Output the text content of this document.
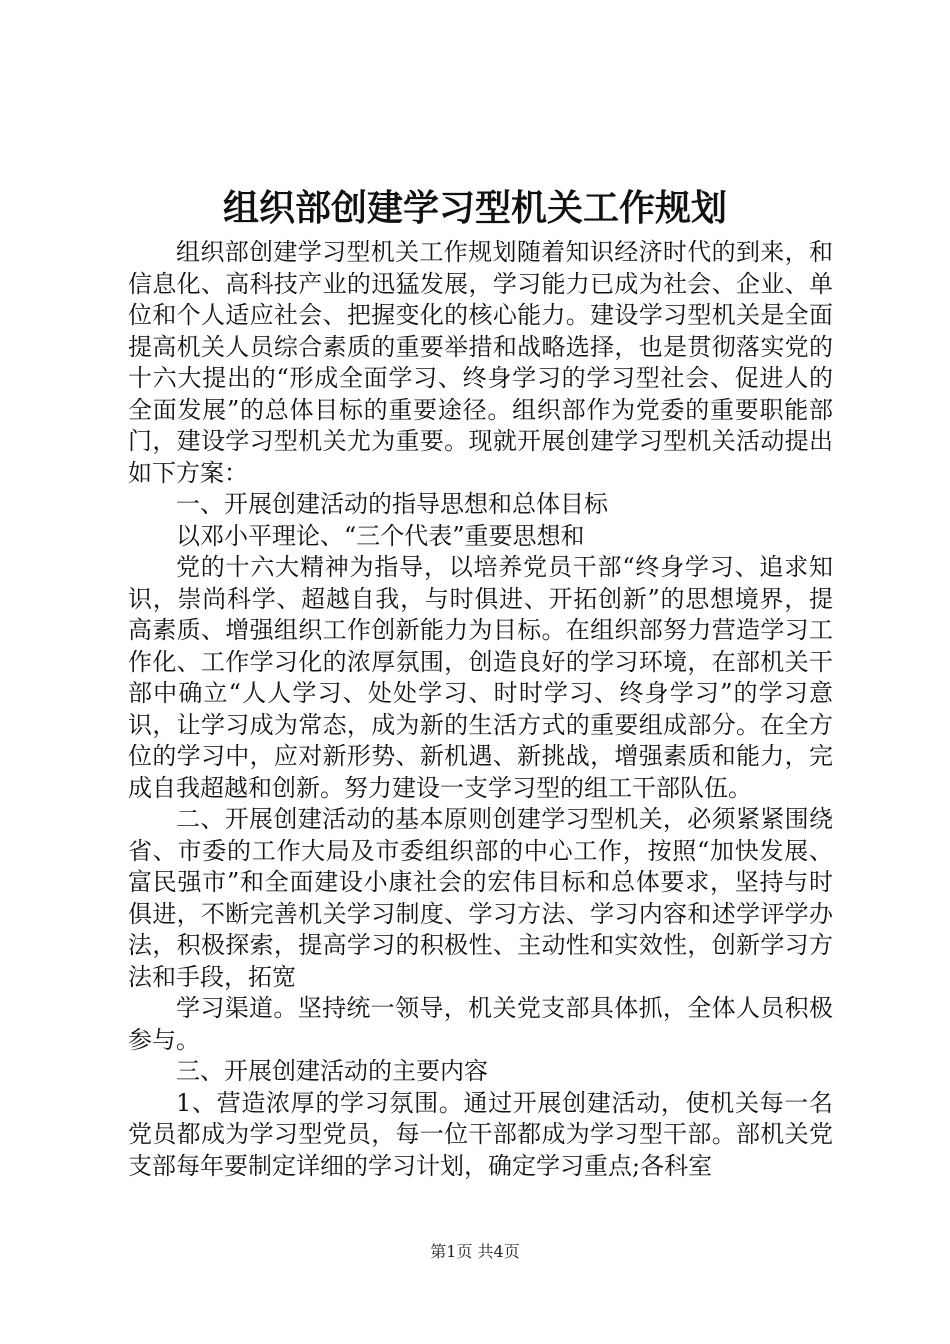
组织部创建学习型机关工作规划

组织部创建学习型机关工作规划随着知识经济时代的到来，和信息化、高科技产业的迅猛发展，学习能力已成为社会、企业、单位和个人适应社会、把握变化的核心能力。建设学习型机关是全面提高机关人员综合素质的重要举措和战略选择，也是贯彻落实党的十六大提出的“形成全面学习、终身学习的学习型社会、促进人的全面发展”的总体目标的重要途径。组织部作为党委的重要职能部门，建设学习型机关尤为重要。现就开展创建学习型机关活动提出如下方案：

一、开展创建活动的指导思想和总体目标

以邓小平理论、“三个代表”重要思想和

党的十六大精神为指导，以培养党员干部“终身学习、追求知识，崇尚科学、超越自我，与时俱进、开拓创新”的思想境界，提高素质、增强组织工作创新能力为目标。在组织部努力营造学习工作化、工作学习化的浓厚氛围，创造良好的学习环境，在部机关干部中确立“人人学习、处处学习、时时学习、终身学习”的学习意识，让学习成为常态，成为新的生活方式的重要组成部分。在全方位的学习中，应对新形势、新机遇、新挑战，增强素质和能力，完成自我超越和创新。努力建设一支学习型的组工干部队伍。

二、开展创建活动的基本原则创建学习型机关，必须紧紧围绕省、市委的工作大局及市委组织部的中心工作，按照“加快发展、富民强市”和全面建设小康社会的宏伟目标和总体要求，坚持与时俱进，不断完善机关学习制度、学习方法、学习内容和述学评学办法，积极探索，提高学习的积极性、主动性和实效性，创新学习方法和手段，拓宽

学习渠道。坚持统一领导，机关党支部具体抓，全体人员积极参与。

三、开展创建活动的主要内容

1、营造浓厚的学习氛围。通过开展创建活动，使机关每一名党员都成为学习型党员，每一位干部都成为学习型干部。部机关党支部每年要制定详细的学习计划，确定学习重点;各科室

第1页 共4页
